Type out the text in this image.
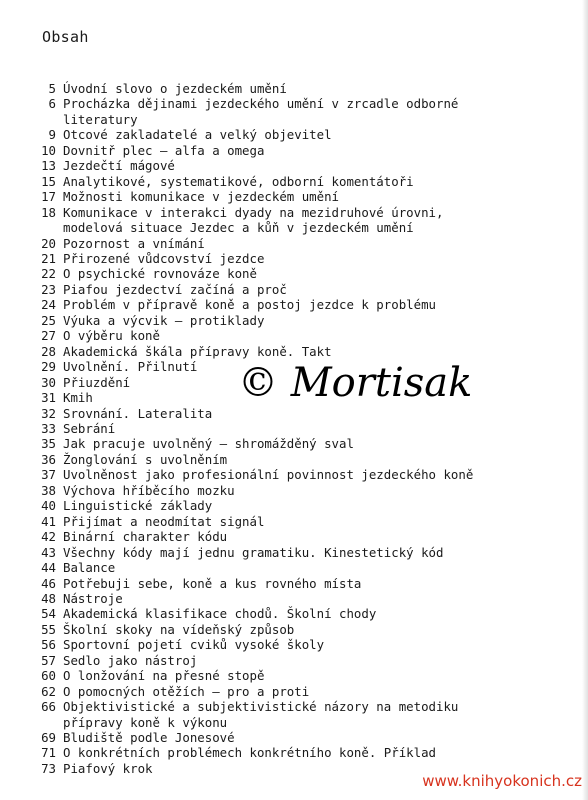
Obsah
5 Úvodní slovo o jezdeckém umění
6 Procházka dějinami jezdeckého umění v zrcadle odborné
literatury
9 Otcové zakladatelé a velký objevitel
10 Dovnitř plec — alfa a omega
13 Jezdečtí mágové
15 Analytikové, systematikové, odborní komentátoři
17 Možnosti komunikace v jezdeckém umění
18 Komunikace v interakci dyady na mezidruhové úrovni,
modelová situace Jezdec a kůň v jezdeckém umění
20 Pozornost a vnímání
21 Přirozené vůdcovství jezdce
22 O psychické rovnováze koně
23 Piafou jezdectví začíná a proč
24 Problém v přípravě koně a postoj jezdce k problému
25 Výuka a výcvik — protiklady
27 O výběru koně
28 Akademická škála přípravy koně. Takt
29 Uvolnění. Přilnutí
30 Přiuzdění
31 Kmih
32 Srovnání. Lateralita
33 Sebrání
35 Jak pracuje uvolněný — shromážděný sval
36 Žonglování s uvolněním
37 Uvolněnost jako profesionální povinnost jezdeckého koně
38 Výchova hříběcího mozku
40 Linguistické základy
41 Přijímat a neodmítat signál
42 Binární charakter kódu
43 Všechny kódy mají jednu gramatiku. Kinestetický kód
44 Balance
46 Potřebuji sebe, koně a kus rovného místa
48 Nástroje
54 Akademická klasifikace chodů. Školní chody
55 Školní skoky na vídeňský způsob
56 Sportovní pojetí cviků vysoké školy
57 Sedlo jako nástroj
60 O lonžování na přesné stopě
62 O pomocných otěžích — pro a proti
66 Objektivistické a subjektivistické názory na metodiku
přípravy koně k výkonu
69 Bludiště podle Jonesové
71 O konkrétních problémech konkrétního koně. Příklad
73 Piafový krok
© Mortisak
www.knihyokonich.cz
